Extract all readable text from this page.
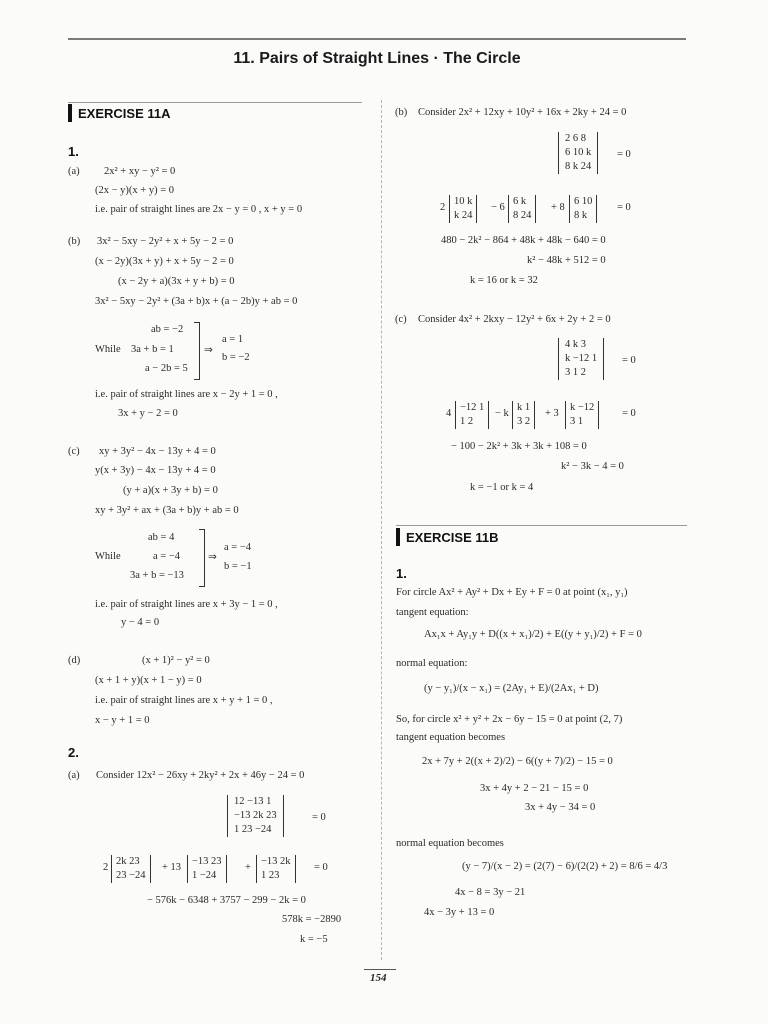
11. Pairs of Straight Lines · The Circle
EXERCISE 11A
1.
(a) 2x² + xy − y² = 0
(2x − y)(x + y) = 0
i.e. pair of straight lines are 2x − y = 0 , x + y = 0
(b) 3x² − 5xy − 2y² + x + 5y − 2 = 0
(x − 2y)(3x + y) + x + 5y − 2 = 0
(x − 2y + a)(3x + y + b) = 0
3x² − 5xy − 2y² + (3a + b)x + (a − 2b)y + ab = 0
ab = −2
While 3a + b = 1
a − 2b = 5
⇒
a = 1
b = −2
i.e. pair of straight lines are x − 2y + 1 = 0 ,
3x + y − 2 = 0
(c) xy + 3y² − 4x − 13y + 4 = 0
y(x + 3y) − 4x − 13y + 4 = 0
(y + a)(x + 3y + b) = 0
xy + 3y² + ax + (3a + b)y + ab = 0
ab = 4
While	a = −4
3a + b = −13
⇒
a = −4
b = −1
i.e. pair of straight lines are x + 3y − 1 = 0 ,
y − 4 = 0
(d)	(x + 1)² − y² = 0
(x + 1 + y)(x + 1 − y) = 0
i.e. pair of straight lines are x + y + 1 = 0 ,
x − y + 1 = 0
2.
(a) Consider 12x² − 26xy + 2ky² + 2x + 46y − 24 = 0
12 −13 1
−13 2k 23
1 23 −24
= 0
2
2k 23
23 −24
+ 13
−13 23
1 −24
+
−13 2k
1 23
= 0
− 576k − 6348 + 3757 − 299 − 2k = 0
578k = −2890
k = −5
(b) Consider 2x² + 12xy + 10y² + 16x + 2ky + 24 = 0
2 6 8
6 10 k
8 k 24
= 0
2
10 k
k 24
− 6
6 k
8 24
+ 8
6 10
8 k
= 0
480 − 2k² − 864 + 48k + 48k − 640 = 0
k² − 48k + 512 = 0
k = 16 or k = 32
(c) Consider 4x² + 2kxy − 12y² + 6x + 2y + 2 = 0
4 k 3
k −12 1
3 1 2
= 0
4
−12 1
1 2
− k
k 1
3 2
+ 3
k −12
3 1
= 0
− 100 − 2k² + 3k + 3k + 108 = 0
k² − 3k − 4 = 0
k = −1 or k = 4
EXERCISE 11B
1.
For circle Ax² + Ay² + Dx + Ey + F = 0 at point (x₁, y₁)
tangent equation:
Ax₁x + Ay₁y + D((x + x₁)/2) + E((y + y₁)/2) + F = 0
normal equation:
(y − y₁)/(x − x₁) = (2Ay₁ + E)/(2Ax₁ + D)
So, for circle x² + y² + 2x − 6y − 15 = 0 at point (2, 7)
tangent equation becomes
2x + 7y + 2((x + 2)/2) − 6((y + 7)/2) − 15 = 0
3x + 4y + 2 − 21 − 15 = 0
3x + 4y − 34 = 0
normal equation becomes
(y − 7)/(x − 2) = (2(7) − 6)/(2(2) + 2) = 8/6 = 4/3
4x − 8 = 3y − 21
4x − 3y + 13 = 0
154
